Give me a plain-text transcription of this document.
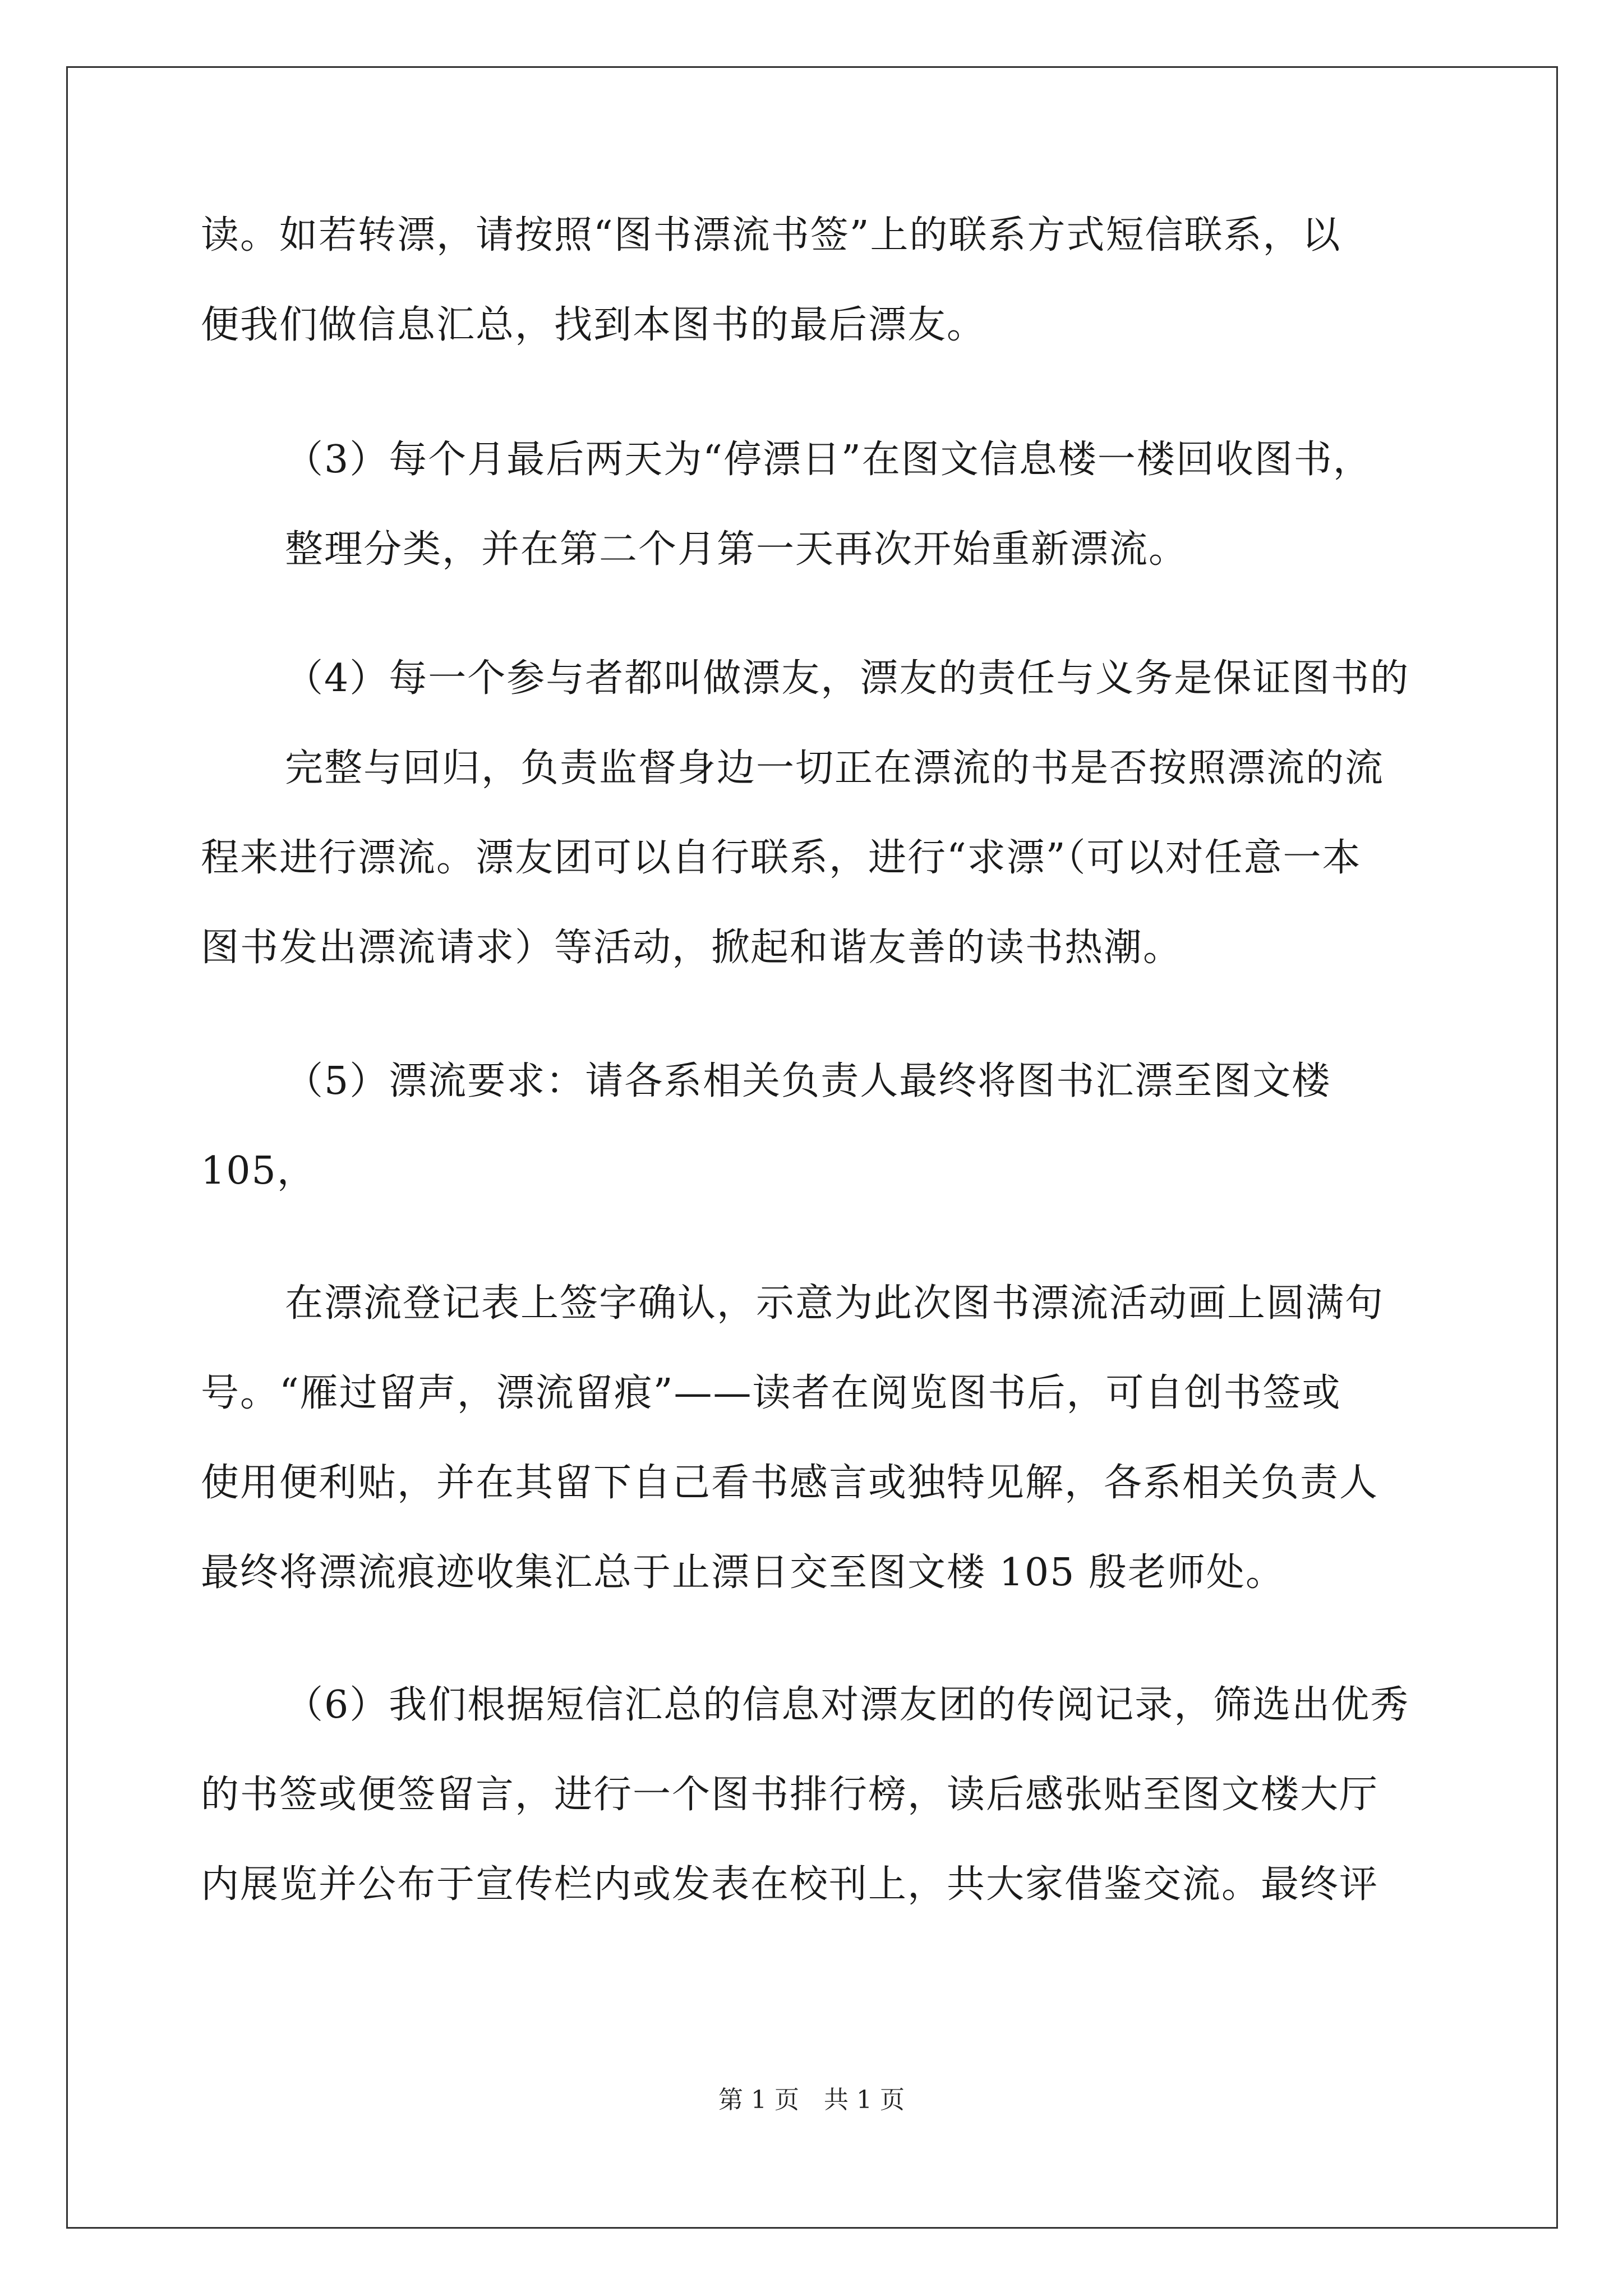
读。如若转漂，请按照“图书漂流书签”上的联系方式短信联系，以
便我们做信息汇总，找到本图书的最后漂友。
（3）每个月最后两天为“停漂日”在图文信息楼一楼回收图书，
整理分类，并在第二个月第一天再次开始重新漂流。
（4）每一个参与者都叫做漂友，漂友的责任与义务是保证图书的
完整与回归，负责监督身边一切正在漂流的书是否按照漂流的流
程来进行漂流。漂友团可以自行联系，进行“求漂”（可以对任意一本
图书发出漂流请求）等活动，掀起和谐友善的读书热潮。
（5）漂流要求：请各系相关负责人最终将图书汇漂至图文楼
105，
在漂流登记表上签字确认，示意为此次图书漂流活动画上圆满句
号。“雁过留声，漂流留痕”——读者在阅览图书后，可自创书签或
使用便利贴，并在其留下自己看书感言或独特见解，各系相关负责人
最终将漂流痕迹收集汇总于止漂日交至图文楼 105 殷老师处。
（6）我们根据短信汇总的信息对漂友团的传阅记录，筛选出优秀
的书签或便签留言，进行一个图书排行榜，读后感张贴至图文楼大厅
内展览并公布于宣传栏内或发表在校刊上，共大家借鉴交流。最终评
第 1 页　共 1 页
